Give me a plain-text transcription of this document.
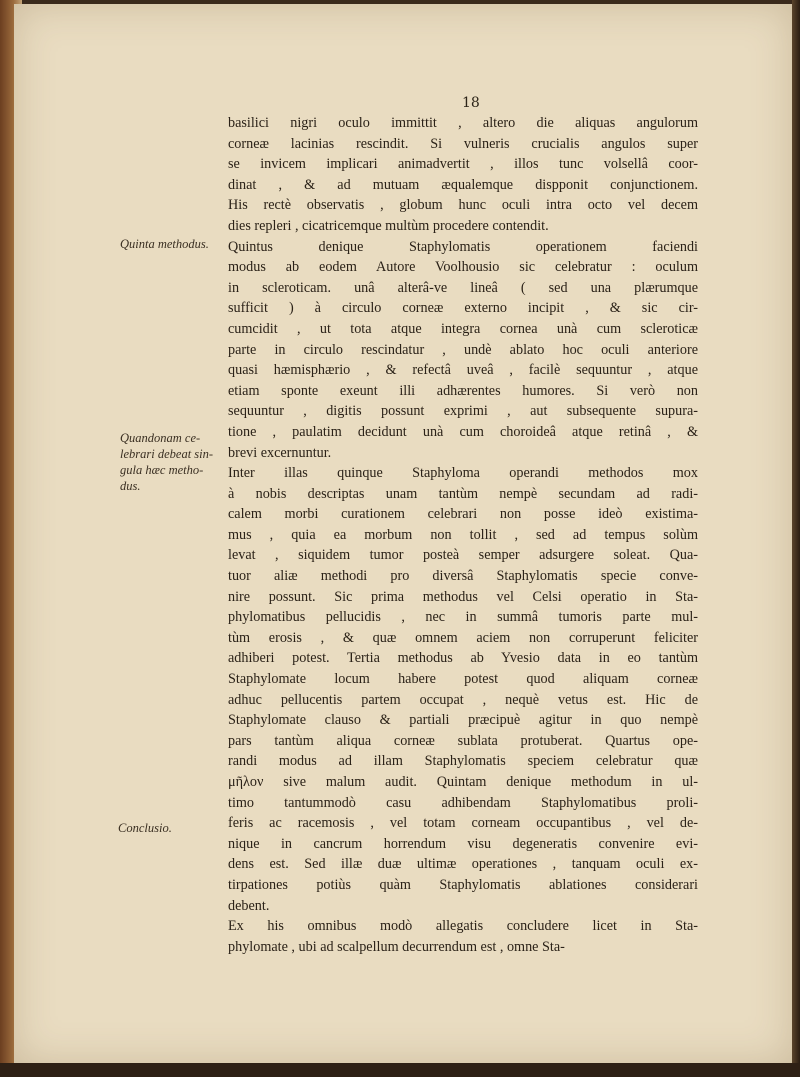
18
Quinta methodus.
Quandonam ce-
lebrari debeat sin-
gula hæc metho-
dus.
Conclusio.
basilici nigri oculo immittit , altero die aliquas angulorum
corneæ lacinias rescindit. Si vulneris crucialis angulos super
se invicem implicari animadvertit , illos tunc volsellâ coor-
dinat , & ad mutuam æqualemque dispponit conjunctionem.
His rectè observatis , globum hunc oculi intra octo vel decem
dies repleri , cicatricemque multùm procedere contendit.
Quintus denique Staphylomatis operationem faciendi
modus ab eodem Autore Voolhousio sic celebratur : oculum
in scleroticam. unâ alterâ-ve lineâ ( sed una plærumque
sufficit ) à circulo corneæ externo incipit , & sic cir-
cumcidit , ut tota atque integra cornea unà cum scleroticæ
parte in circulo rescindatur , undè ablato hoc oculi anteriore
quasi hæmisphærio , & refectâ uveâ , facilè sequuntur , atque
etiam sponte exeunt illi adhærentes humores. Si verò non
sequuntur , digitis possunt exprimi , aut subsequente supura-
tione , paulatim decidunt unà cum choroideâ atque retinâ , &
brevi excernuntur.
Inter illas quinque Staphyloma operandi methodos mox
à nobis descriptas unam tantùm nempè secundam ad radi-
calem morbi curationem celebrari non posse ideò existima-
mus , quia ea morbum non tollit , sed ad tempus solùm
levat , siquidem tumor posteà semper adsurgere soleat. Qua-
tuor aliæ methodi pro diversâ Staphylomatis specie conve-
nire possunt. Sic prima methodus vel Celsi operatio in Sta-
phylomatibus pellucidis , nec in summâ tumoris parte mul-
tùm erosis , & quæ omnem aciem non corruperunt feliciter
adhiberi potest. Tertia methodus ab Yvesio data in eo tantùm
Staphylomate locum habere potest quod aliquam corneæ
adhuc pellucentis partem occupat , nequè vetus est. Hic de
Staphylomate clauso & partiali præcipuè agitur in quo nempè
pars tantùm aliqua corneæ sublata protuberat. Quartus ope-
randi modus ad illam Staphylomatis speciem celebratur quæ
μῆλον sive malum audit. Quintam denique methodum in ul-
timo tantummodò casu adhibendam Staphylomatibus proli-
feris ac racemosis , vel totam corneam occupantibus , vel de-
nique in cancrum horrendum visu degeneratis convenire evi-
dens est. Sed illæ duæ ultimæ operationes , tanquam oculi ex-
tirpationes potiùs quàm Staphylomatis ablationes considerari
debent.
Ex his omnibus modò allegatis concludere licet in Sta-
phylomate , ubi ad scalpellum decurrendum est , omne Sta-
